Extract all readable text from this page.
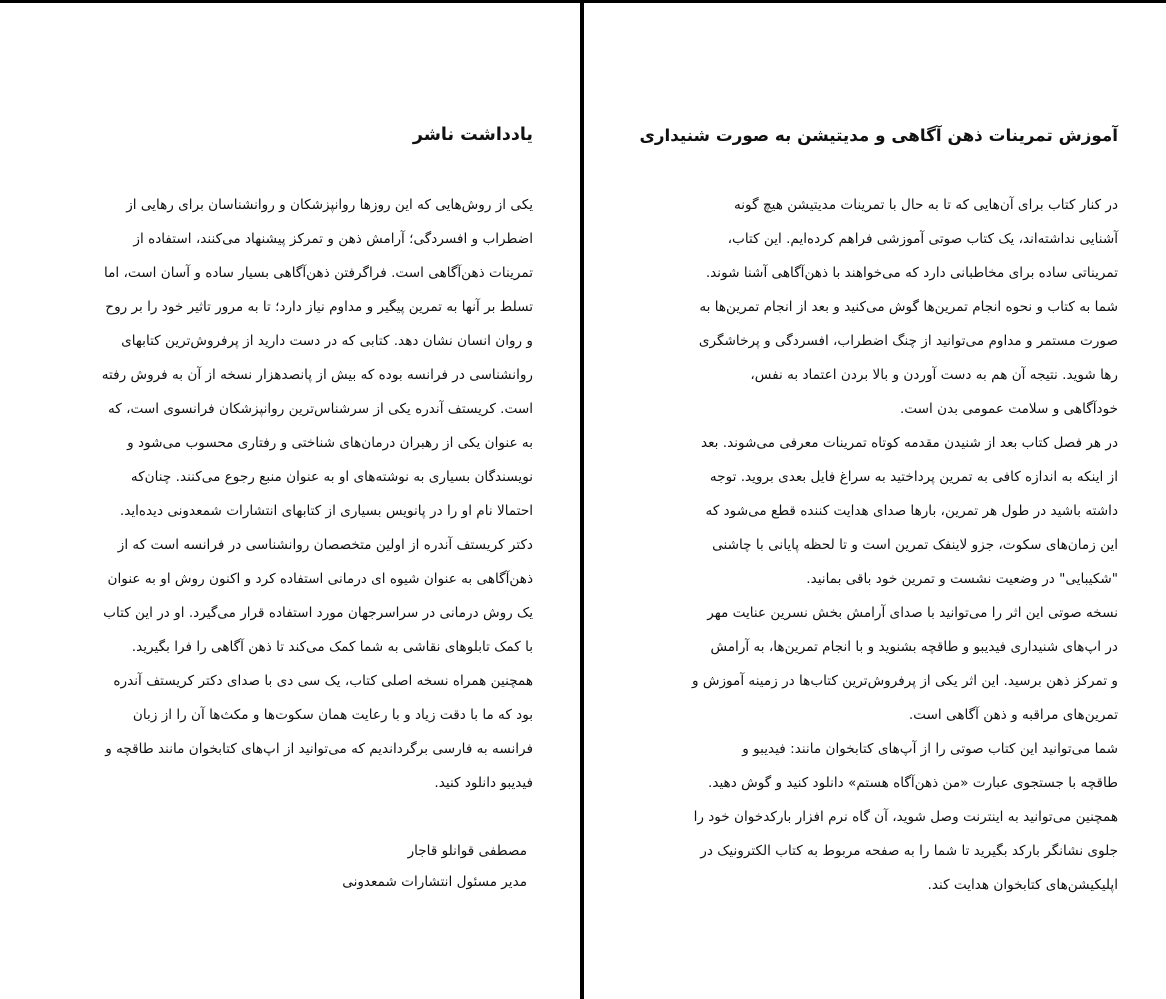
یادداشت ناشر
یکی از روش‌هایی که این روزها روانپزشکان و روانشناسان برای رهایی از
اضطراب و افسردگی؛ آرامش ذهن و تمرکز پیشنهاد می‌کنند، استفاده از
تمرینات ذهن‌آگاهی است. فراگرفتن ذهن‌آگاهی بسیار ساده و آسان است، اما
تسلط بر آنها به تمرین پیگیر و مداوم نیاز دارد؛ تا به مرور تاثیر خود را بر روح
و روان انسان نشان دهد. کتابی که در دست دارید از پرفروش‌ترین کتابهای
روانشناسی در فرانسه بوده که بیش از پانصدهزار نسخه از آن به فروش رفته
است. کریستف آندره یکی از سرشناس‌ترین روانپزشکان فرانسوی است، که
به عنوان یکی از رهبران درمان‌های شناختی و رفتاری محسوب می‌شود و
نویسندگان بسیاری به نوشته‌های او به عنوان منبع رجوع می‌کنند. چنان‌که
احتمالا نام او را در پانویس بسیاری از کتابهای انتشارات شمعدونی دیده‌اید.
دکتر کریستف آندره از اولین متخصصان روانشناسی در فرانسه است که از
ذهن‌آگاهی به عنوان شیوه ای درمانی استفاده کرد و اکنون روش او به عنوان
یک روش درمانی در سراسرجهان مورد استفاده قرار می‌گیرد. او در این کتاب
با کمک تابلوهای نقاشی به شما کمک می‌کند تا ذهن آگاهی را فرا بگیرید.
همچنین همراه نسخه اصلی کتاب، یک سی دی با صدای دکتر کریستف آندره
بود که ما با دقت زیاد و با رعایت همان سکوت‌ها و مکث‌ها آن را از زبان
فرانسه به فارسی برگرداندیم که می‌توانید از اپ‌های کتابخوان مانند طاقچه و
فیدیبو دانلود کنید.
مصطفی قوانلو قاجار
مدیر مسئول انتشارات شمعدونی
آموزش تمرینات ذهن آگاهی و مدیتیشن به صورت شنیداری
در کنار کتاب برای آن‌هایی که تا به حال با تمرینات مدیتیشن هیچ گونه
آشنایی نداشته‌اند، یک کتاب صوتی آموزشی فراهم کرده‌ایم. این کتاب،
تمریناتی ساده برای مخاطبانی دارد که می‌خواهند با ذهن‌آگاهی آشنا شوند.
شما به کتاب و نحوه انجام تمرین‌ها گوش می‌کنید و بعد از انجام تمرین‌ها به
صورت مستمر و مداوم می‌توانید از چنگ اضطراب، افسردگی و پرخاشگری
رها شوید. نتیجه آن هم به دست آوردن و بالا بردن اعتماد به نفس،
خودآگاهی و سلامت عمومی بدن است.
در هر فصل کتاب بعد از شنیدن مقدمه کوتاه تمرینات معرفی می‌شوند. بعد
از اینکه به اندازه کافی به تمرین پرداختید به سراغ فایل بعدی بروید. توجه
داشته باشید در طول هر تمرین، بارها صدای هدایت کننده قطع می‌شود که
این زمان‌های سکوت، جزو لاینفک تمرین است و تا لحظه پایانی با چاشنی
"شکیبایی" در وضعیت نشست و تمرین خود باقی بمانید.
نسخه صوتی این اثر را می‌توانید با صدای آرامش بخش نسرین عنایت مهر
در اپ‌های شنیداری فیدیبو و طاقچه بشنوید و با انجام تمرین‌ها، به آرامش
و تمرکز ذهن برسید. این اثر یکی از پرفروش‌ترین کتاب‌ها در زمینه آموزش و
تمرین‌های مراقبه و ذهن آگاهی است.
شما می‌توانید این کتاب صوتی را از آپ‌های کتابخوان مانند: فیدیبو و
طاقچه با جستجوی عبارت «من ذهن‌آگاه هستم» دانلود کنید و گوش دهید.
همچنین می‌توانید به اینترنت وصل شوید، آن گاه نرم افزار بارکدخوان خود را
جلوی نشانگر بارکد بگیرید تا شما را به صفحه مربوط به کتاب الکترونیک در
اپلیکیشن‌های کتابخوان هدایت کند.
